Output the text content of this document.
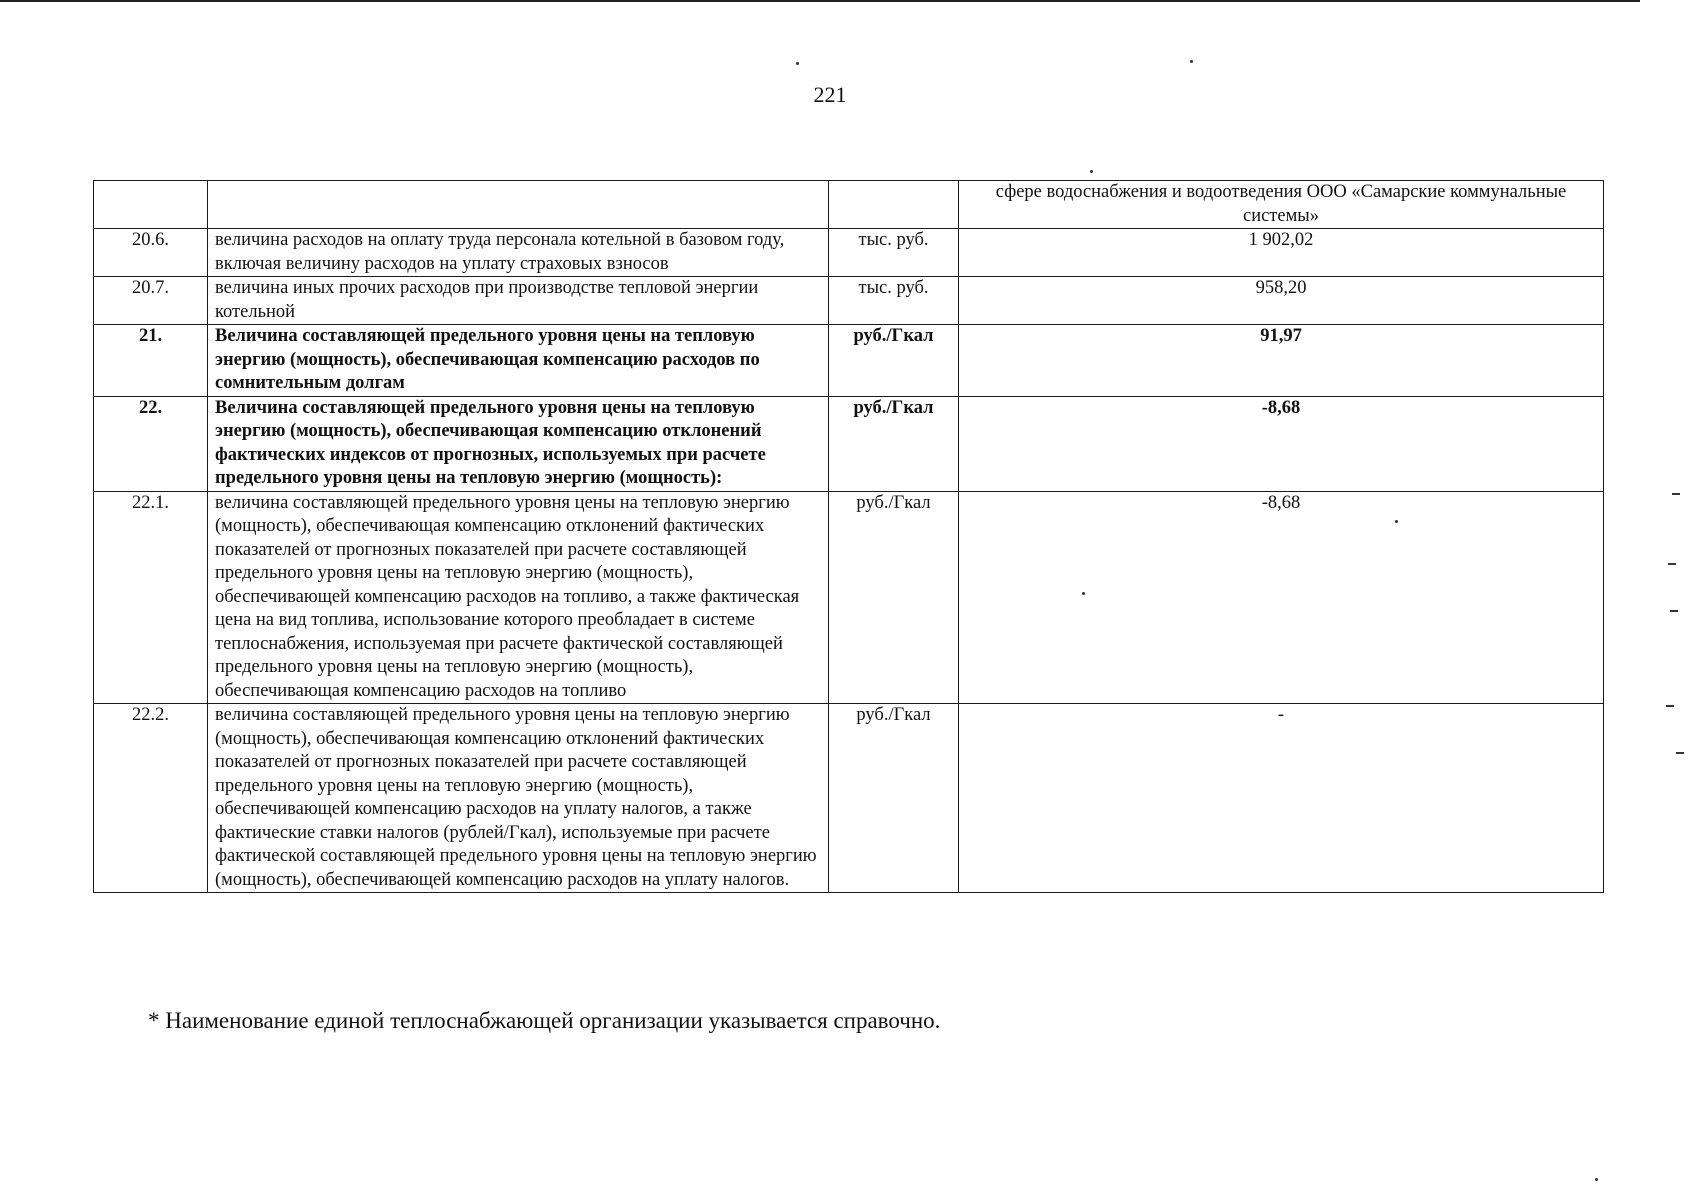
221
			сфере водоснабжения и водоотведения ООО «Самарские коммунальные системы»
20.6.	величина расходов на оплату труда персонала котельной в базовом году, включая величину расходов на уплату страховых взносов	тыс. руб.	1 902,02
20.7.	величина иных прочих расходов при производстве тепловой энергии котельной	тыс. руб.	958,20
21.	Величина составляющей предельного уровня цены на тепловую энергию (мощность), обеспечивающая компенсацию расходов по сомнительным долгам	руб./Гкал	91,97
22.	Величина составляющей предельного уровня цены на тепловую энергию (мощность), обеспечивающая компенсацию отклонений фактических индексов от прогнозных, используемых при расчете предельного уровня цены на тепловую энергию (мощность):	руб./Гкал	-8,68
22.1.	величина составляющей предельного уровня цены на тепловую энергию (мощность), обеспечивающая компенсацию отклонений фактических показателей от прогнозных показателей при расчете составляющей предельного уровня цены на тепловую энергию (мощность), обеспечивающей компенсацию расходов на топливо, а также фактическая цена на вид топлива, использование которого преобладает в системе теплоснабжения, используемая при расчете фактической составляющей предельного уровня цены на тепловую энергию (мощность), обеспечивающая компенсацию расходов на топливо	руб./Гкал	-8,68
22.2.	величина составляющей предельного уровня цены на тепловую энергию (мощность), обеспечивающая компенсацию отклонений фактических показателей от прогнозных показателей при расчете составляющей предельного уровня цены на тепловую энергию (мощность), обеспечивающей компенсацию расходов на уплату налогов, а также фактические ставки налогов (рублей/Гкал), используемые при расчете фактической составляющей предельного уровня цены на тепловую энергию (мощность), обеспечивающей компенсацию расходов на уплату налогов.	руб./Гкал	-
* Наименование единой теплоснабжающей организации указывается справочно.
